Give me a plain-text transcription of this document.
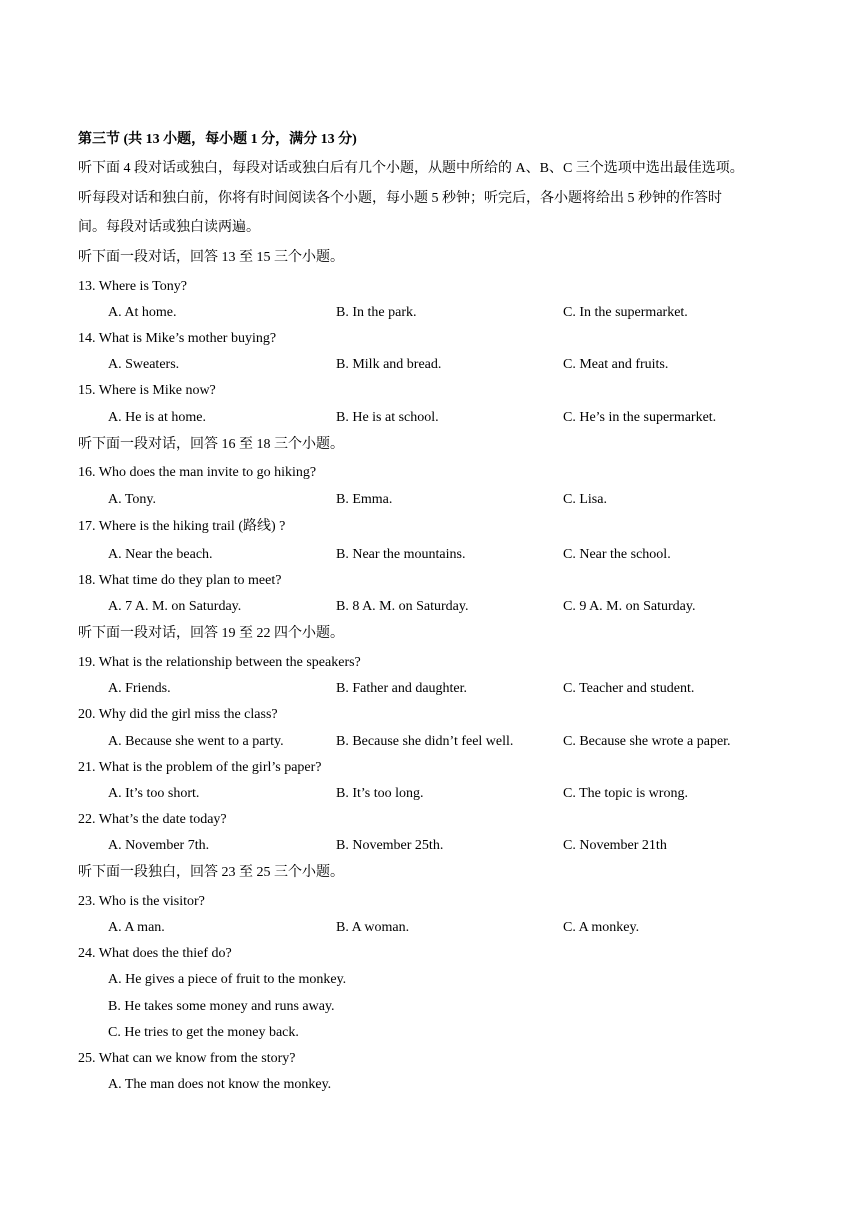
第三节 (共 13 小题，每小题 1 分，满分 13 分)
听下面 4 段对话或独白，每段对话或独白后有几个小题，从题中所给的 A、B、C 三个选项中选出最佳选项。
听每段对话和独白前，你将有时间阅读各个小题，每小题 5 秒钟；听完后，各小题将给出 5 秒钟的作答时
间。每段对话或独白读两遍。
听下面一段对话，回答 13 至 15 三个小题。
13. Where is Tony?
A. At home.	B. In the park.	C. In the supermarket.
14. What is Mike’s mother buying?
A. Sweaters.	B. Milk and bread.	C. Meat and fruits.
15. Where is Mike now?
A. He is at home.	B. He is at school.	C. He’s in the supermarket.
听下面一段对话，回答 16 至 18 三个小题。
16. Who does the man invite to go hiking?
A. Tony.	B. Emma.	C. Lisa.
17. Where is the hiking trail (路线) ?
A. Near the beach.	B. Near the mountains.	C. Near the school.
18. What time do they plan to meet?
A. 7 A. M. on Saturday.	B. 8 A. M. on Saturday.	C. 9 A. M. on Saturday.
听下面一段对话，回答 19 至 22 四个小题。
19. What is the relationship between the speakers?
A. Friends.	B. Father and daughter.	C. Teacher and student.
20. Why did the girl miss the class?
A. Because she went to a party.	B. Because she didn’t feel well.	C. Because she wrote a paper.
21. What is the problem of the girl’s paper?
A. It’s too short.	B. It’s too long.	C. The topic is wrong.
22. What’s the date today?
A. November 7th.	B. November 25th.	C. November 21th
听下面一段独白，回答 23 至 25 三个小题。
23. Who is the visitor?
A. A man.	B. A woman.	C. A monkey.
24. What does the thief do?
A. He gives a piece of fruit to the monkey.
B. He takes some money and runs away.
C. He tries to get the money back.
25. What can we know from the story?
A. The man does not know the monkey.
